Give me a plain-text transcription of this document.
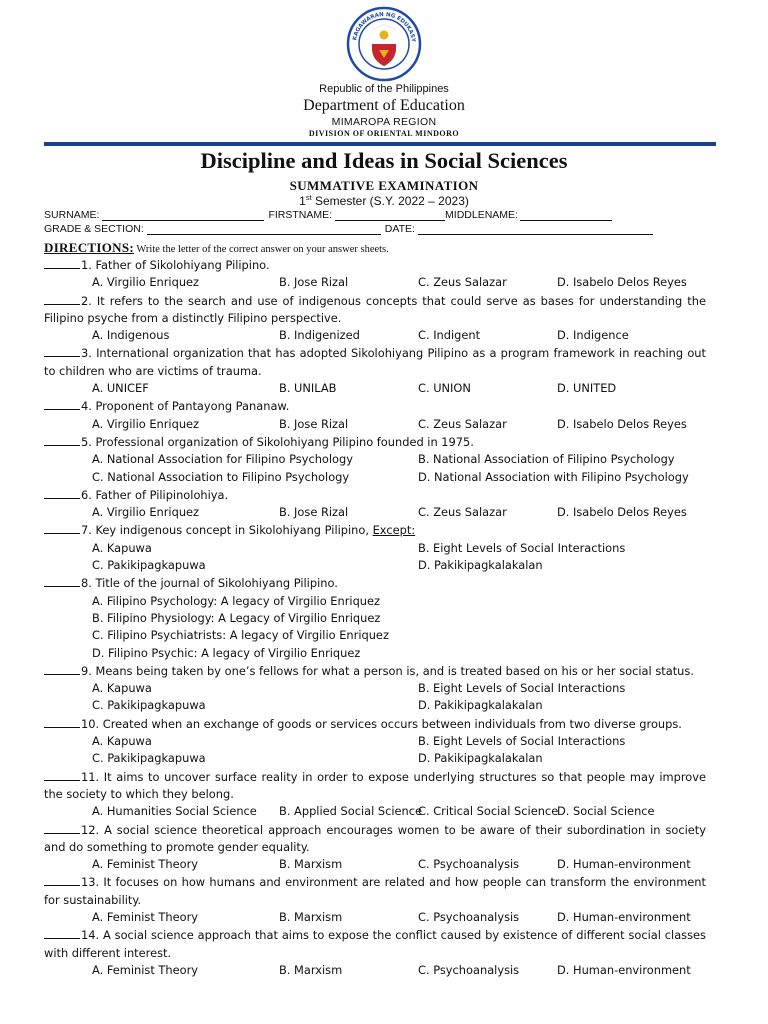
KAGAWARAN NG EDUKASY
Republic of the Philippines
Department of Education
MIMAROPA REGION
DIVISION OF ORIENTAL MINDORO
Discipline and Ideas in Social Sciences
SUMMATIVE EXAMINATION
1st Semester (S.Y. 2022 – 2023)
SURNAME:	FIRSTNAME:	MIDDLENAME:
GRADE & SECTION:	DATE:
DIRECTIONS: Write the letter of the correct answer on your answer sheets.
1. Father of Sikolohiyang Pilipino.
A. Virgilio Enriquez	B. Jose Rizal	C. Zeus Salazar	D. Isabelo Delos Reyes
2. It refers to the search and use of indigenous concepts that could serve as bases for understanding the Filipino psyche from a distinctly Filipino perspective.
A. Indigenous	B. Indigenized	C. Indigent	D. Indigence
3. International organization that has adopted Sikolohiyang Pilipino as a program framework in reaching out to children who are victims of trauma.
A. UNICEF	B. UNILAB	C. UNION	D. UNITED
4. Proponent of Pantayong Pananaw.
A. Virgilio Enriquez	B. Jose Rizal	C. Zeus Salazar	D. Isabelo Delos Reyes
5. Professional organization of Sikolohiyang Pilipino founded in 1975.
A. National Association for Filipino Psychology	B. National Association of Filipino Psychology
C. National Association to Filipino Psychology	D. National Association with Filipino Psychology
6. Father of Pilipinolohiya.
A. Virgilio Enriquez	B. Jose Rizal	C. Zeus Salazar	D. Isabelo Delos Reyes
7. Key indigenous concept in Sikolohiyang Pilipino, Except:
A. Kapuwa	B. Eight Levels of Social Interactions
C. Pakikipagkapuwa	D. Pakikipagkalakalan
8. Title of the journal of Sikolohiyang Pilipino.
A. Filipino Psychology: A legacy of Virgilio Enriquez
B. Filipino Physiology: A Legacy of Virgilio Enriquez
C. Filipino Psychiatrists: A legacy of Virgilio Enriquez
D. Filipino Psychic: A legacy of Virgilio Enriquez
9. Means being taken by one’s fellows for what a person is, and is treated based on his or her social status.
A. Kapuwa	B. Eight Levels of Social Interactions
C. Pakikipagkapuwa	D. Pakikipagkalakalan
10. Created when an exchange of goods or services occurs between individuals from two diverse groups.
A. Kapuwa	B. Eight Levels of Social Interactions
C. Pakikipagkapuwa	D. Pakikipagkalakalan
11. It aims to uncover surface reality in order to expose underlying structures so that people may improve the society to which they belong.
A. Humanities Social Science	B. Applied Social Science
C. Critical Social Science
D. Social Science
12. A social science theoretical approach encourages women to be aware of their subordination in society and do something to promote gender equality.
A. Feminist Theory	B. Marxism	C. Psychoanalysis	D. Human-environment
13. It focuses on how humans and environment are related and how people can transform the environment for sustainability.
A. Feminist Theory	B. Marxism	C. Psychoanalysis	D. Human-environment
14. A social science approach that aims to expose the conflict caused by existence of different social classes with different interest.
A. Feminist Theory	B. Marxism	C. Psychoanalysis	D. Human-environment
